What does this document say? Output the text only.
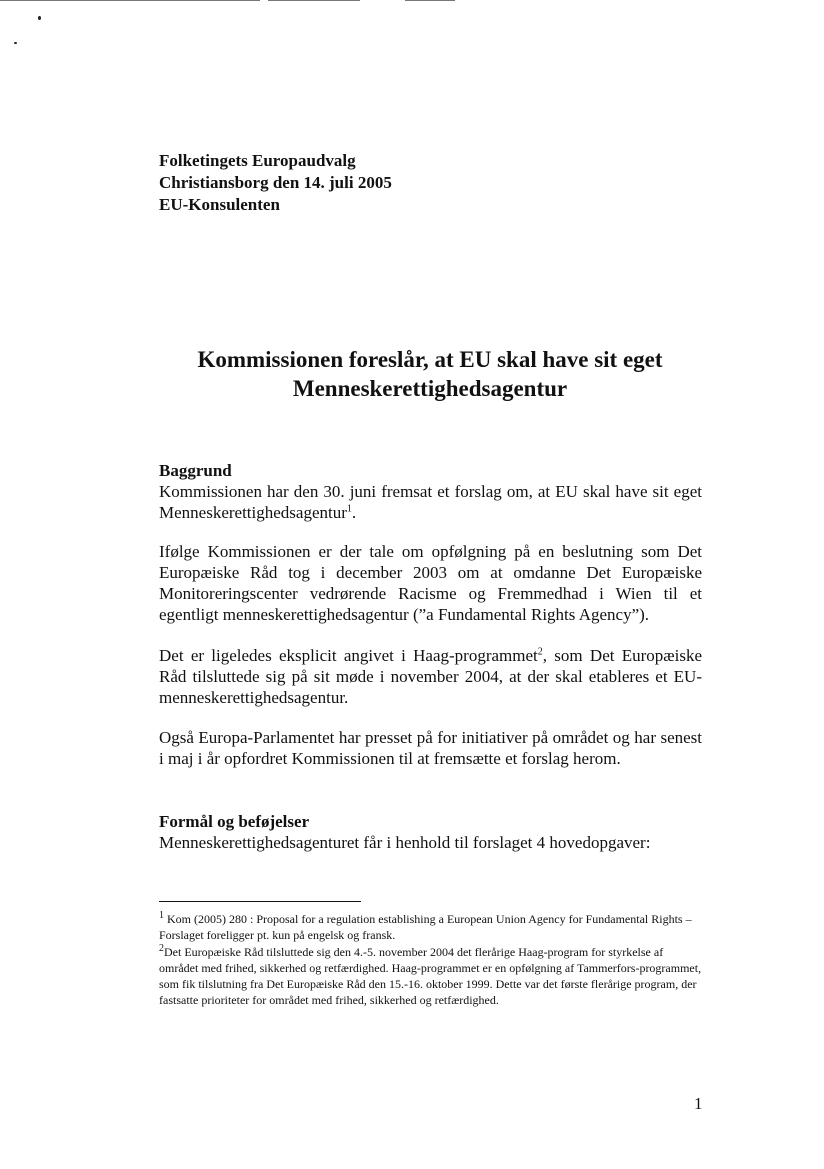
Folketingets Europaudvalg
Christiansborg den 14. juli 2005
EU-Konsulenten
Kommissionen foreslår, at EU skal have sit eget
Menneskerettighedsagentur
Baggrund
Kommissionen har den 30. juni fremsat et forslag om, at EU skal have sit eget Menneskerettighedsagentur$^1$.
Ifølge Kommissionen er der tale om opfølgning på en beslutning som Det Europæiske Råd tog i december 2003 om at omdanne Det Europæiske Monitoreringscenter vedrørende Racisme og Fremmedhad i Wien til et egentligt menneskerettighedsagentur (”a Fundamental Rights Agency”).
Det er ligeledes eksplicit angivet i Haag-programmet$^2$, som Det Europæiske Råd tilsluttede sig på sit møde i november 2004, at der skal etableres et EU-menneskerettighedsagentur.
Også Europa-Parlamentet har presset på for initiativer på området og har senest i maj i år opfordret Kommissionen til at fremsætte et forslag herom.
Formål og beføjelser
Menneskerettighedsagenturet får i henhold til forslaget 4 hovedopgaver:
$^1$ Kom (2005) 280 : Proposal for a regulation establishing a European Union Agency for Fundamental Rights – Forslaget foreligger pt. kun på engelsk og fransk.
$^2$Det Europæiske Råd tilsluttede sig den 4.-5. november 2004 det flerårige Haag-program for styrkelse af området med frihed, sikkerhed og retfærdighed. Haag-programmet er en opfølgning af Tammerfors-programmet, som fik tilslutning fra Det Europæiske Råd den 15.-16. oktober 1999. Dette var det første flerårige program, der fastsatte prioriteter for området med frihed, sikkerhed og retfærdighed.
1
